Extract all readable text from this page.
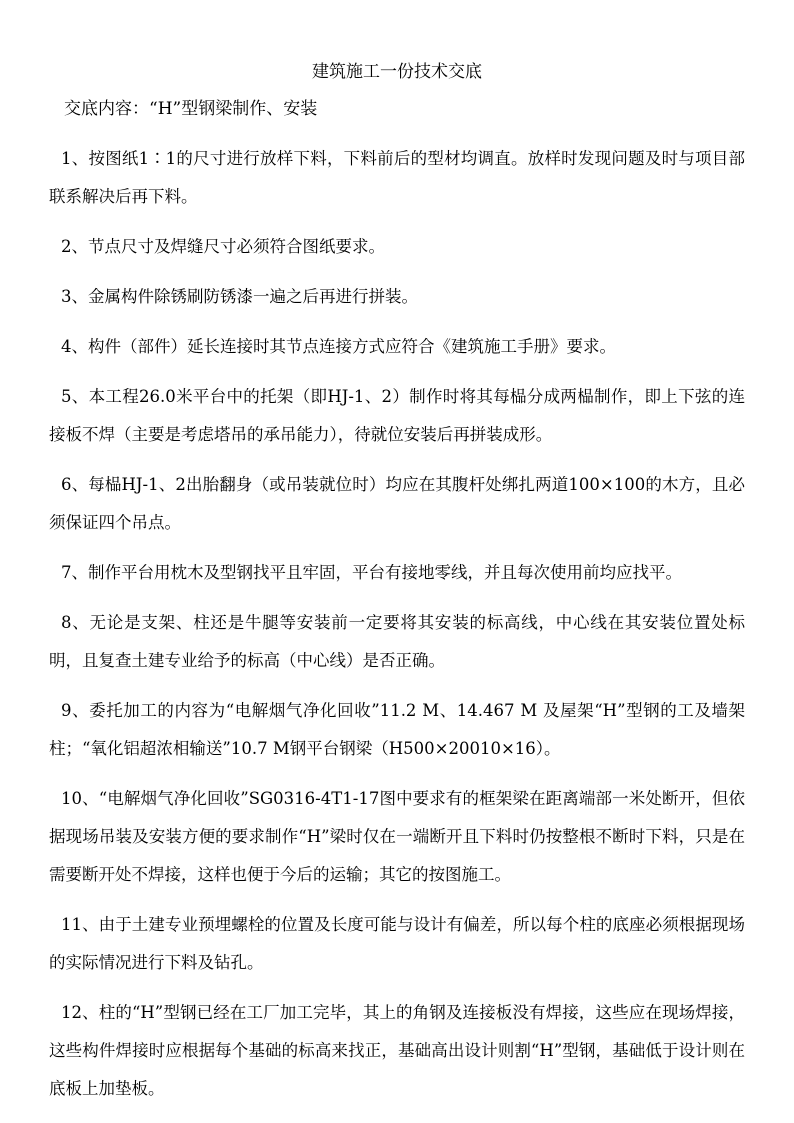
建筑施工一份技术交底

交底内容：“H”型钢梁制作、安装

1、按图纸1∶1的尺寸进行放样下料，下料前后的型材均调直。放样时发现问题及时与项目部联系解决后再下料。

2、节点尺寸及焊缝尺寸必须符合图纸要求。

3、金属构件除锈刷防锈漆一遍之后再进行拼装。

4、构件（部件）延长连接时其节点连接方式应符合《建筑施工手册》要求。

5、本工程26.0米平台中的托架（即HJ-1、2）制作时将其每榀分成两榀制作，即上下弦的连接板不焊（主要是考虑塔吊的承吊能力），待就位安装后再拼装成形。

6、每榀HJ-1、2出胎翻身（或吊装就位时）均应在其腹杆处绑扎两道100×100的木方，且必须保证四个吊点。

7、制作平台用枕木及型钢找平且牢固，平台有接地零线，并且每次使用前均应找平。

8、无论是支架、柱还是牛腿等安装前一定要将其安装的标高线，中心线在其安装位置处标明，且复查土建专业给予的标高（中心线）是否正确。

9、委托加工的内容为“电解烟气净化回收”11.2 M、14.467 M 及屋架“H”型钢的工及墙架柱；“氧化铝超浓相输送”10.7 M钢平台钢梁（H500×20010×16）。

10、“电解烟气净化回收”SG0316-4T1-17图中要求有的框架梁在距离端部一米处断开，但依据现场吊装及安装方便的要求制作“H”梁时仅在一端断开且下料时仍按整根不断时下料，只是在需要断开处不焊接，这样也便于今后的运输；其它的按图施工。

11、由于土建专业预埋螺栓的位置及长度可能与设计有偏差，所以每个柱的底座必须根据现场的实际情况进行下料及钻孔。

12、柱的“H”型钢已经在工厂加工完毕，其上的角钢及连接板没有焊接，这些应在现场焊接，这些构件焊接时应根据每个基础的标高来找正，基础高出设计则割“H”型钢，基础低于设计则在底板上加垫板。
